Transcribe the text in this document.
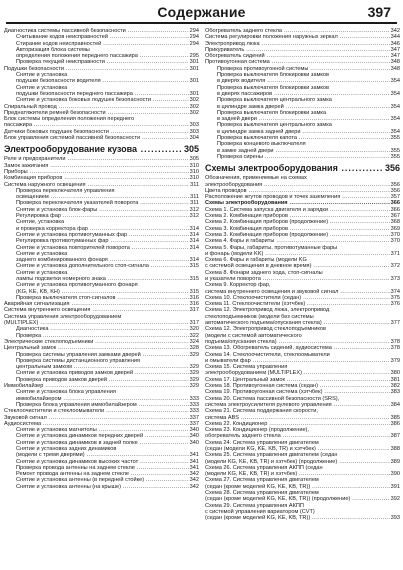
Содержание	397
Диагностика системы пассивной безопасности .....	294
Считывание кодов неисправностей .....	294
Стирание кодов неисправностей .....	294
Авторизация блока системы
определения положения переднего пассажира .....	295
Проверка текущей неисправности .....	301
Подушки безопасности .....	301
Снятие и установка
подушки безопасности водителя .....	301
Снятие и установка
подушки безопасности переднего пассажира .....	301
Снятие и установка боковых подушек безопасности .....	302
Спиральный провод .....	302
Преднатяжители ремней безопасности .....	302
Блок системы определения положения переднего
пассажира .....	303
Датчики боковых подушек безопасности .....	303
Блок управления системой пассивной безопасности .....	304
Электрооборудование кузова .....	305
Реле и предохранители .....	305
Замок зажигания .....	310
Приборы .....	310
Комбинация приборов .....	310
Система наружного освещения .....	311
Проверка переключателя управления
освещением .....	311
Проверка переключателя указателей поворота .....	311
Снятие и установка блок-фары .....	312
Регулировка фар .....	312
Снятие, установка
и проверка корректора фар .....	314
Снятие и установка противотуманных фар .....	314
Регулировка противотуманных фар .....	314
Снятие и установка повторителей поворота .....	314
Снятие и установка
заднего комбинированного фонаря .....	314
Снятие и установка дополнительного стоп-сигнала .....	315
Снятие и установка
лампы подсветки номерного знака .....	315
Снятие и установка противотуманного фонаря
(KG, KE, KB, KH) .....	315
Проверка выключателя стоп-сигналов .....	316
Аварийная сигнализация .....	316
Система внутреннего освещения .....	317
Система управления электрооборудованием
(MULTIPLEX) .....	317
Диагностика .....	320
Проверка .....	322
Электрические стеклоподъемники .....	324
Центральный замок .....	328
Проверка системы управления замками дверей .....	329
Проверка системы дистанционного управления
центральным замком .....	329
Снятие и установка приводов замков дверей .....	329
Проверка приводов замков дверей .....	329
Иммобилайзер .....	329
Снятие и установка блока управления
иммобилайзером .....	333
Проверка блока управления иммобилайзером .....	333
Стеклоочистители и стеклоомыватели .....	333
Звуковой сигнал .....	337
Аудиосистема .....	337
Снятие и установка магнитолы .....	340
Снятие и установка динамиков передних дверей .....	340
Снятие и установка динамиков в задней полке .....	340
Снятие и установка задних динамиков
(модели с тремя дверями) .....	341
Снятие и установка динамиков высоких частот .....	341
Проверка провода антенны на заднем стекле .....	341
Ремонт провода антенны на заднем стекле .....	342
Снятие и установка антенны (в передней стойке) .....	342
Снятие и установка антенны (на крыше) .....	342
Обогреватель заднего стекла .....	342
Система регулировки положения наружных зеркал .....	344
Электропривод люка .....	346
Прикуриватель .....	347
Обогреватель сидений .....	347
Противоугонная система .....	348
Проверка противоугонной системы .....	348
Проверка выключателя блокировки замков
в дверях водителя .....	354
Проверка выключателя блокировки замков
в дверях пассажиров .....	354
Проверка выключателя центрального замка
в цилиндре замка дверей .....	354
Проверка выключателя блокировки замка
в задней двери .....	354
Проверка выключателя центрального замка
в цилиндре замка задней двери .....	354
Проверка выключателя капота .....	355
Проверка концевого выключателя
в замке задней двери .....	355
Проверка сирены .....	355
Схемы электрооборудования .....	356
Обозначения, применяемые на схемах
электрооборудования .....	356
Цвета проводов .....	356
Расположение жгутов проводов и точек заземления .....	357
Схемы электрооборудования .....	366
Схема 1. Система запуска двигателя и зарядки .....	366
Схема 2. Комбинация приборов .....	367
Схема 2. Комбинация приборов (продолжение) .....	368
Схема 3. Комбинация приборов .....	369
Схема 3. Комбинация приборов (продолжение) .....	370
Схема 4. Фары и габариты .....	370
Схема 5. Фары, габариты, противотуманные фары
и фонарь (модели KK) .....	371
Схема 6. Фары и габариты (модели KG
с системой освещения в дневное время) .....	372
Схема 8. Фонари заднего хода, стоп-сигналы
и указатели поворота .....	373
Схема 9. Корректор фар,
система внутреннего освещения и звуковой сигнал .....	374
Схема 10. Стеклоочистители (седан) .....	375
Схема 11. Стеклоочистители (хэтчбек) .....	376
Схема 12. Электропривод люка, электропривод
стеклоподъемников (модели без системы
автоматического подъема/опускания стекла) .....	377
Схема 12. Электропривод стеклоподъемников
(модели с системой автоматического
подъема/опускания стекла) .....	378
Схема 13. Обогреватель сидений, аудиосистема .....	378
Схема 14. Стеклоочистители, стеклоомыватели
и омыватели фар .....	379
Схема 15. Система управления
электрооборудованием (MULTIPLEX) .....	380
Схема 17. Центральный замок .....	381
Схема 18. Противоугонная система (седан) .....	382
Схема 19. Противоугонная система (хэтчбек) .....	383
Схема 20. Система пассивной безопасности (SRS),
система электроусилителя рулевого управления .....	384
Схема 21. Система поддержания скорости,
система ABS .....	385
Схема 22. Кондиционер .....	386
Схема 23. Кондиционер (продолжение),
обогреватель заднего стекла .....	387
Схема 24. Система управления двигателем
(седан (модели KG, KE, KB, TR) и хэтчбек) .....	388
Схема 25. Система управления двигателем (седан
(модели KG, KE, KB, TR) и хэтчбек) (продолжение) .....	389
Схема 26. Система управления АКПП (седан
(модели KG, KE, KB, TR) и хэтчбек) .....	390
Схема 27. Система управления двигателем
(седан (кроме моделей KG, KE, KB, TR)) .....	391
Схема 28. Система управления двигателем
(седан (кроме моделей KG, KE, KB, TR)) (продолжение) .....	392
Схема 29. Система управления АКПП
с системой управления вариатором (CVT)
(седан (кроме моделей KG, KE, KB, TR)) .....	393
